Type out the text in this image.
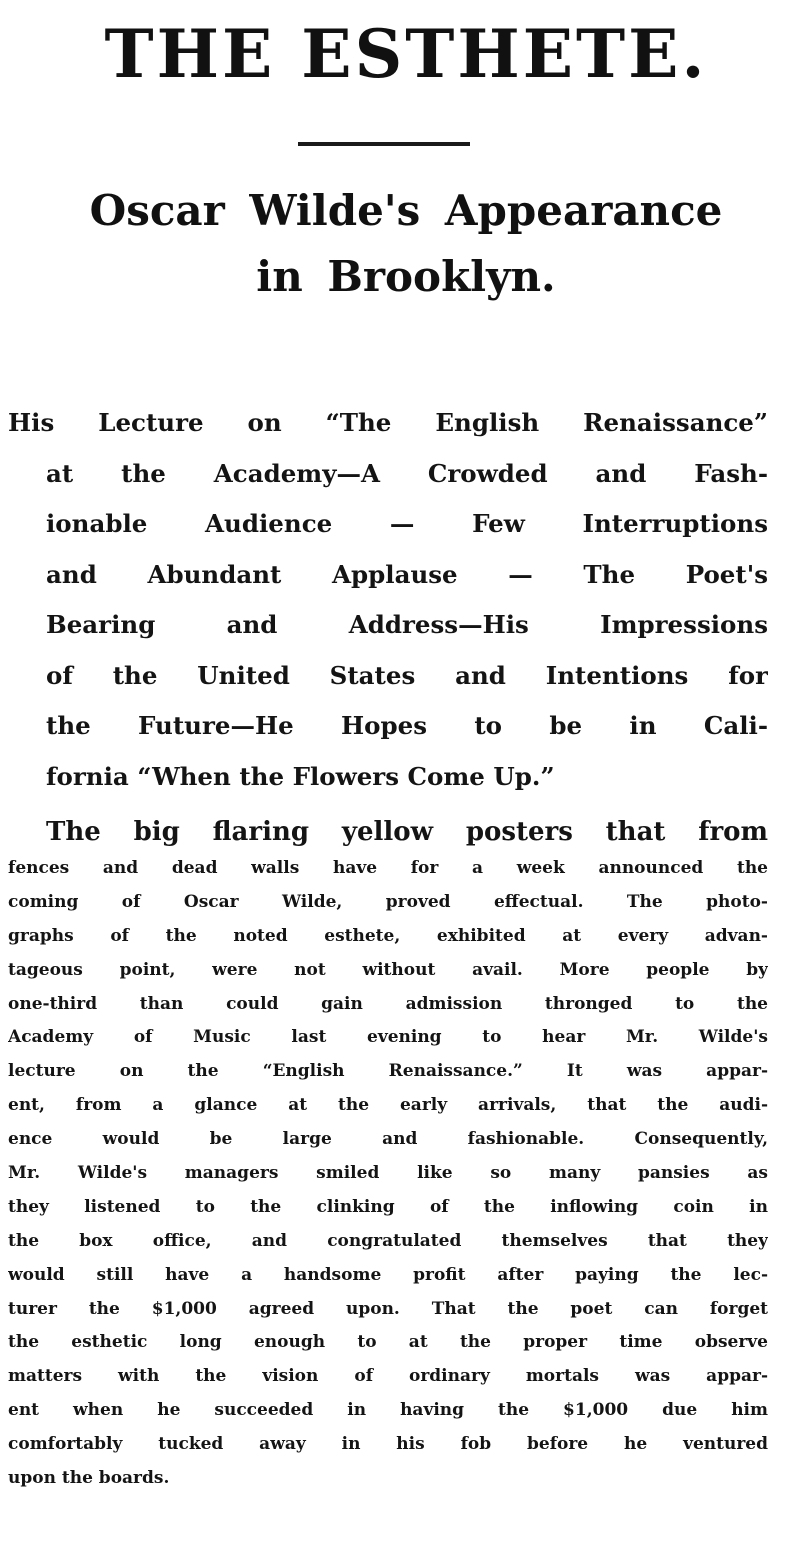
THE ESTHETE.
Oscar Wilde's Appearance
in Brooklyn.
His Lecture on “The English Renaissance”
at the Academy—A Crowded and Fash-
ionable Audience — Few Interruptions
and Abundant Applause — The Poet's
Bearing and Address—His Impressions
of the United States and Intentions for
the Future—He Hopes to be in Cali-
fornia “When the Flowers Come Up.”
The big flaring yellow posters that from
fences and dead walls have for a week announced the
coming of Oscar Wilde, proved effectual. The photo-
graphs of the noted esthete, exhibited at every advan-
tageous point, were not without avail. More people by
one-third than could gain admission thronged to the
Academy of Music last evening to hear Mr. Wilde's
lecture on the “English Renaissance.” It was appar-
ent, from a glance at the early arrivals, that the audi-
ence would be large and fashionable. Consequently,
Mr. Wilde's managers smiled like so many pansies as
they listened to the clinking of the inflowing coin in
the box office, and congratulated themselves that they
would still have a handsome profit after paying the lec-
turer the $1,000 agreed upon. That the poet can forget
the esthetic long enough to at the proper time observe
matters with the vision of ordinary mortals was appar-
ent when he succeeded in having the $1,000 due him
comfortably tucked away in his fob before he ventured
upon the boards.
